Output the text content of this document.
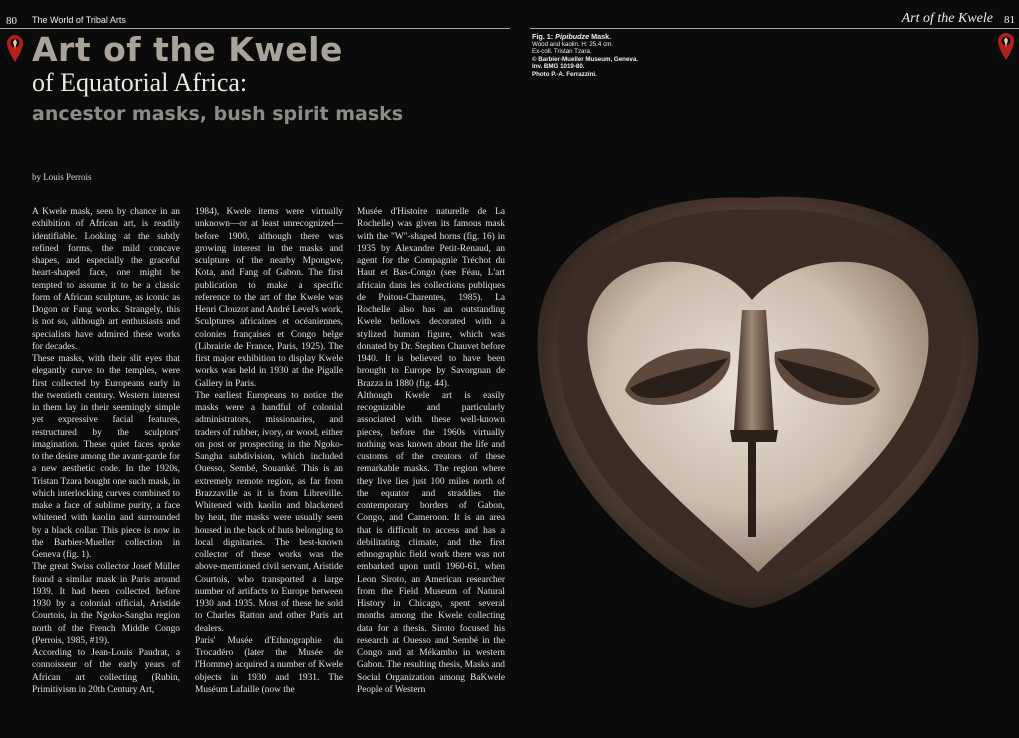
80 The World of Tribal Arts	Art of the Kwele 81
Art of the Kwele
of Equatorial Africa:
ancestor masks, bush spirit masks
by Louis Perrois

A Kwele mask, seen by chance in an exhibition of African art, is readily identifiable. Looking at the subtly refined forms, the mild concave shapes, and especially the graceful heart-shaped face, one might be tempted to assume it to be a classic form of African sculpture, as iconic as Dogon or Fang works. Strangely, this is not so, although art enthusiasts and specialists have admired these works for decades.

These masks, with their slit eyes that elegantly curve to the temples, were first collected by Europeans early in the twentieth century. Western interest in them lay in their seemingly simple yet expressive facial features, restructured by the sculptors' imagination. These quiet faces spoke to the desire among the avant-garde for a new aesthetic code. In the 1920s, Tristan Tzara bought one such mask, in which interlocking curves combined to make a face of sublime purity, a face whitened with kaolin and surrounded by a black collar. This piece is now in the Barbier-Mueller collection in Geneva (fig. 1).

The great Swiss collector Josef Müller found a similar mask in Paris around 1939. It had been collected before 1930 by a colonial official, Aristide Courtois, in the Ngoko-Sangha region north of the French Middle Congo (Perrois, 1985, #19).

According to Jean-Louis Paudrat, a connoisseur of the early years of African art collecting (Rubin, Primitivism in 20th Century Art,

1984), Kwele items were virtually unknown—or at least unrecognized—before 1900, although there was growing interest in the masks and sculpture of the nearby Mpongwe, Kota, and Fang of Gabon. The first publication to make a specific reference to the art of the Kwele was Henri Clouzot and André Level's work, Sculptures africaines et océaniennes, colonies françaises et Congo belge (Librairie de France, Paris, 1925). The first major exhibition to display Kwele works was held in 1930 at the Pigalle Gallery in Paris.

The earliest Europeans to notice the masks were a handful of colonial administrators, missionaries, and traders of rubber, ivory, or wood, either on post or prospecting in the Ngoko-Sangha subdivision, which included Ouesso, Sembé, Souanké. This is an extremely remote region, as far from Brazzaville as it is from Libreville. Whitened with kaolin and blackened by heat, the masks were usually seen housed in the back of huts belonging to local dignitaries. The best-known collector of these works was the above-mentioned civil servant, Aristide Courtois, who transported a large number of artifacts to Europe between 1930 and 1935. Most of these he sold to Charles Ratton and other Paris art dealers.

Paris' Musée d'Ethnographie du Trocadéro (later the Musée de l'Homme) acquired a number of Kwele objects in 1930 and 1931. The Muséum Lafaille (now the

Musée d'Histoire naturelle de La Rochelle) was given its famous mask with the "W"-shaped horns (fig. 16) in 1935 by Alexandre Petit-Renaud, an agent for the Compagnie Tréchot du Haut et Bas-Congo (see Féau, L'art africain dans les collections publiques de Poitou-Charentes, 1985). La Rochelle also has an outstanding Kwele bellows decorated with a stylized human figure, which was donated by Dr. Stephen Chauvet before 1940. It is believed to have been brought to Europe by Savorgnan de Brazza in 1880 (fig. 44).

Although Kwele art is easily recognizable and particularly associated with these well-known pieces, before the 1960s virtually nothing was known about the life and customs of the creators of these remarkable masks. The region where they live lies just 100 miles north of the equator and straddles the contemporary borders of Gabon, Congo, and Cameroon. It is an area that is difficult to access and has a debilitating climate, and the first ethnographic field work there was not embarked upon until 1960-61, when Leon Siroto, an American researcher from the Field Museum of Natural History in Chicago, spent several months among the Kwele collecting data for a thesis. Siroto focused his research at Ouesso and Sembé in the Congo and at Mékambo in western Gabon. The resulting thesis, Masks and Social Organization among BaKwele People of Western

Fig. 1: Pipibudze Mask.
Wood and kaolin. H: 25.4 cm.
Ex-coll. Tristan Tzara.
© Barbier-Mueller Museum, Geneva.
Inv. BMG 1019-80.
Photo P.-A. Ferrazzini.
